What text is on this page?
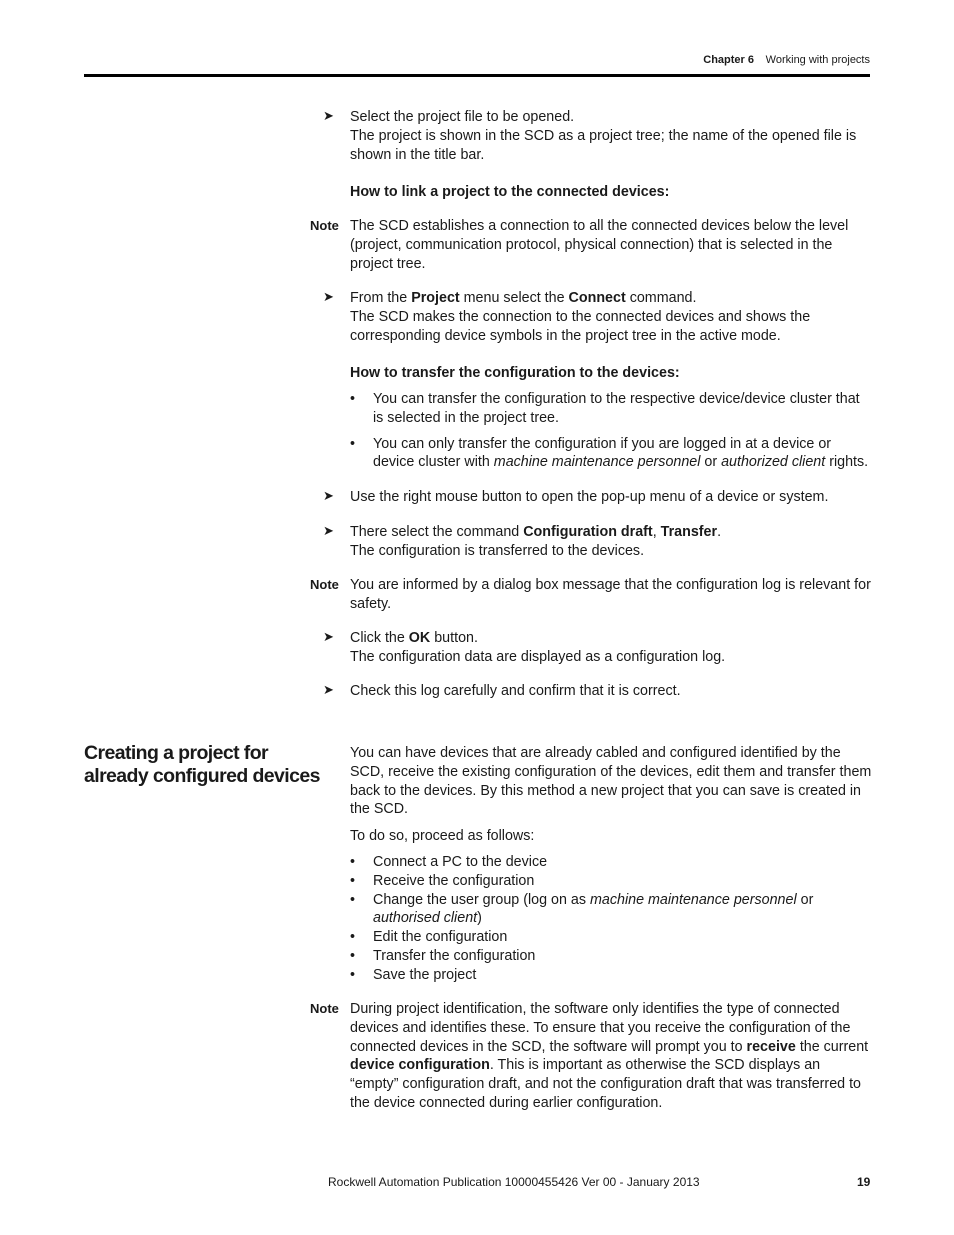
Chapter 6 Working with projects
➤ Select the project file to be opened.
The project is shown in the SCD as a project tree; the name of the opened file is shown in the title bar.

How to link a project to the connected devices:

Note The SCD establishes a connection to all the connected devices below the level (project, communication protocol, physical connection) that is selected in the project tree.

➤ From the Project menu select the Connect command.
The SCD makes the connection to the connected devices and shows the corresponding device symbols in the project tree in the active mode.

How to transfer the configuration to the devices:

• You can transfer the configuration to the respective device/device cluster that is selected in the project tree.
• You can only transfer the configuration if you are logged in at a device or device cluster with machine maintenance personnel or authorized client rights.
➤ Use the right mouse button to open the pop-up menu of a device or system.

➤ There select the command Configuration draft, Transfer.
The configuration is transferred to the devices.

Note You are informed by a dialog box message that the configuration log is relevant for safety.

➤ Click the OK button.
The configuration data are displayed as a configuration log.

➤ Check this log carefully and confirm that it is correct.

Creating a project for already configured devices

You can have devices that are already cabled and configured identified by the SCD, receive the existing configuration of the devices, edit them and transfer them back to the devices. By this method a new project that you can save is created in the SCD.

To do so, proceed as follows:

• Connect a PC to the device
• Receive the configuration
• Change the user group (log on as machine maintenance personnel or authorised client)
• Edit the configuration
• Transfer the configuration
• Save the project
Note During project identification, the software only identifies the type of connected devices and identifies these. To ensure that you receive the configuration of the connected devices in the SCD, the software will prompt you to receive the current device configuration. This is important as otherwise the SCD displays an “empty” configuration draft, and not the configuration draft that was transferred to the device connected during earlier configuration.

Rockwell Automation Publication 10000455426 Ver 00 - January 2013	19
